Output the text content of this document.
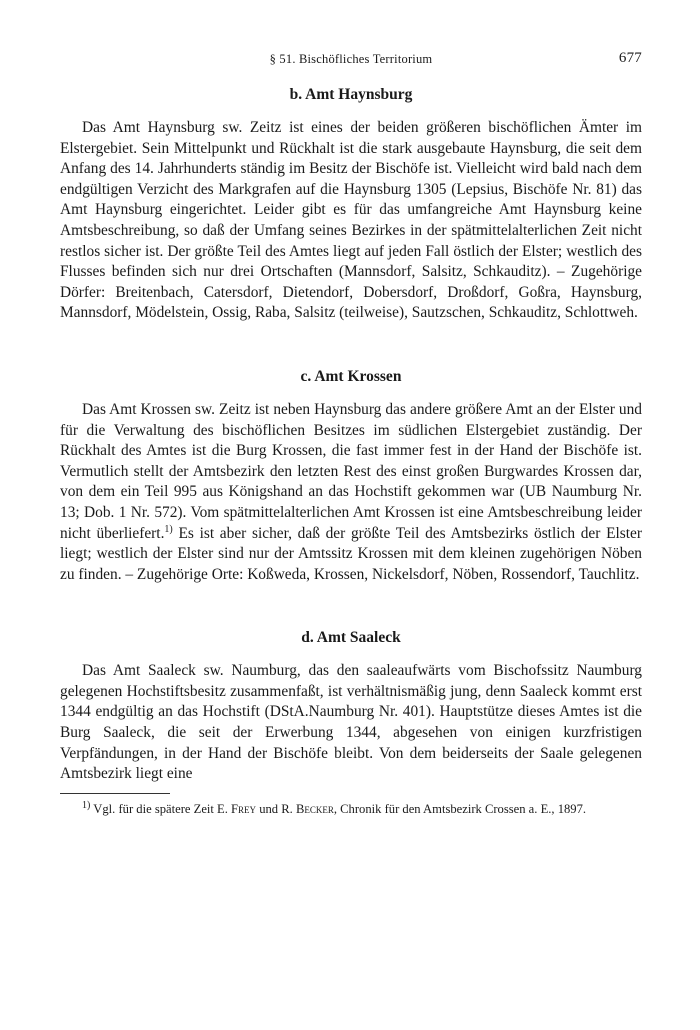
§ 51. Bischöfliches Territorium	677
b. Amt Haynsburg

Das Amt Haynsburg sw. Zeitz ist eines der beiden größeren bischöflichen Ämter im Elstergebiet. Sein Mittelpunkt und Rückhalt ist die stark ausgebaute Haynsburg, die seit dem Anfang des 14. Jahrhunderts ständig im Besitz der Bischöfe ist. Vielleicht wird bald nach dem endgültigen Verzicht des Markgrafen auf die Haynsburg 1305 (Lepsius, Bischöfe Nr. 81) das Amt Haynsburg eingerichtet. Leider gibt es für das umfangreiche Amt Haynsburg keine Amtsbeschreibung, so daß der Umfang seines Bezirkes in der spätmittelalterlichen Zeit nicht restlos sicher ist. Der größte Teil des Amtes liegt auf jeden Fall östlich der Elster; westlich des Flusses befinden sich nur drei Ortschaften (Mannsdorf, Salsitz, Schkauditz). – Zugehörige Dörfer: Breitenbach, Catersdorf, Dietendorf, Dobersdorf, Droßdorf, Goßra, Haynsburg, Mannsdorf, Mödelstein, Ossig, Raba, Salsitz (teilweise), Sautzschen, Schkauditz, Schlottweh.

c. Amt Krossen

Das Amt Krossen sw. Zeitz ist neben Haynsburg das andere größere Amt an der Elster und für die Verwaltung des bischöflichen Besitzes im südlichen Elstergebiet zuständig. Der Rückhalt des Amtes ist die Burg Krossen, die fast immer fest in der Hand der Bischöfe ist. Vermutlich stellt der Amtsbezirk den letzten Rest des einst großen Burgwardes Krossen dar, von dem ein Teil 995 aus Königshand an das Hochstift gekommen war (UB Naumburg Nr. 13; Dob. 1 Nr. 572). Vom spätmittelalterlichen Amt Krossen ist eine Amtsbeschreibung leider nicht überliefert.$^{1)}$ Es ist aber sicher, daß der größte Teil des Amtsbezirks östlich der Elster liegt; westlich der Elster sind nur der Amtssitz Krossen mit dem kleinen zugehörigen Nöben zu finden. – Zugehörige Orte: Koßweda, Krossen, Nickelsdorf, Nöben, Rossendorf, Tauchlitz.

d. Amt Saaleck

Das Amt Saaleck sw. Naumburg, das den saaleaufwärts vom Bischofssitz Naumburg gelegenen Hochstiftsbesitz zusammenfaßt, ist verhältnismäßig jung, denn Saaleck kommt erst 1344 endgültig an das Hochstift (DStA.Naumburg Nr. 401). Hauptstütze dieses Amtes ist die Burg Saaleck, die seit der Erwerbung 1344, abgesehen von einigen kurzfristigen Verpfändungen, in der Hand der Bischöfe bleibt. Von dem beiderseits der Saale gelegenen Amtsbezirk liegt eine

$^{1)}$ Vgl. für die spätere Zeit E. Frey und R. Becker, Chronik für den Amtsbezirk Crossen a. E., 1897.
